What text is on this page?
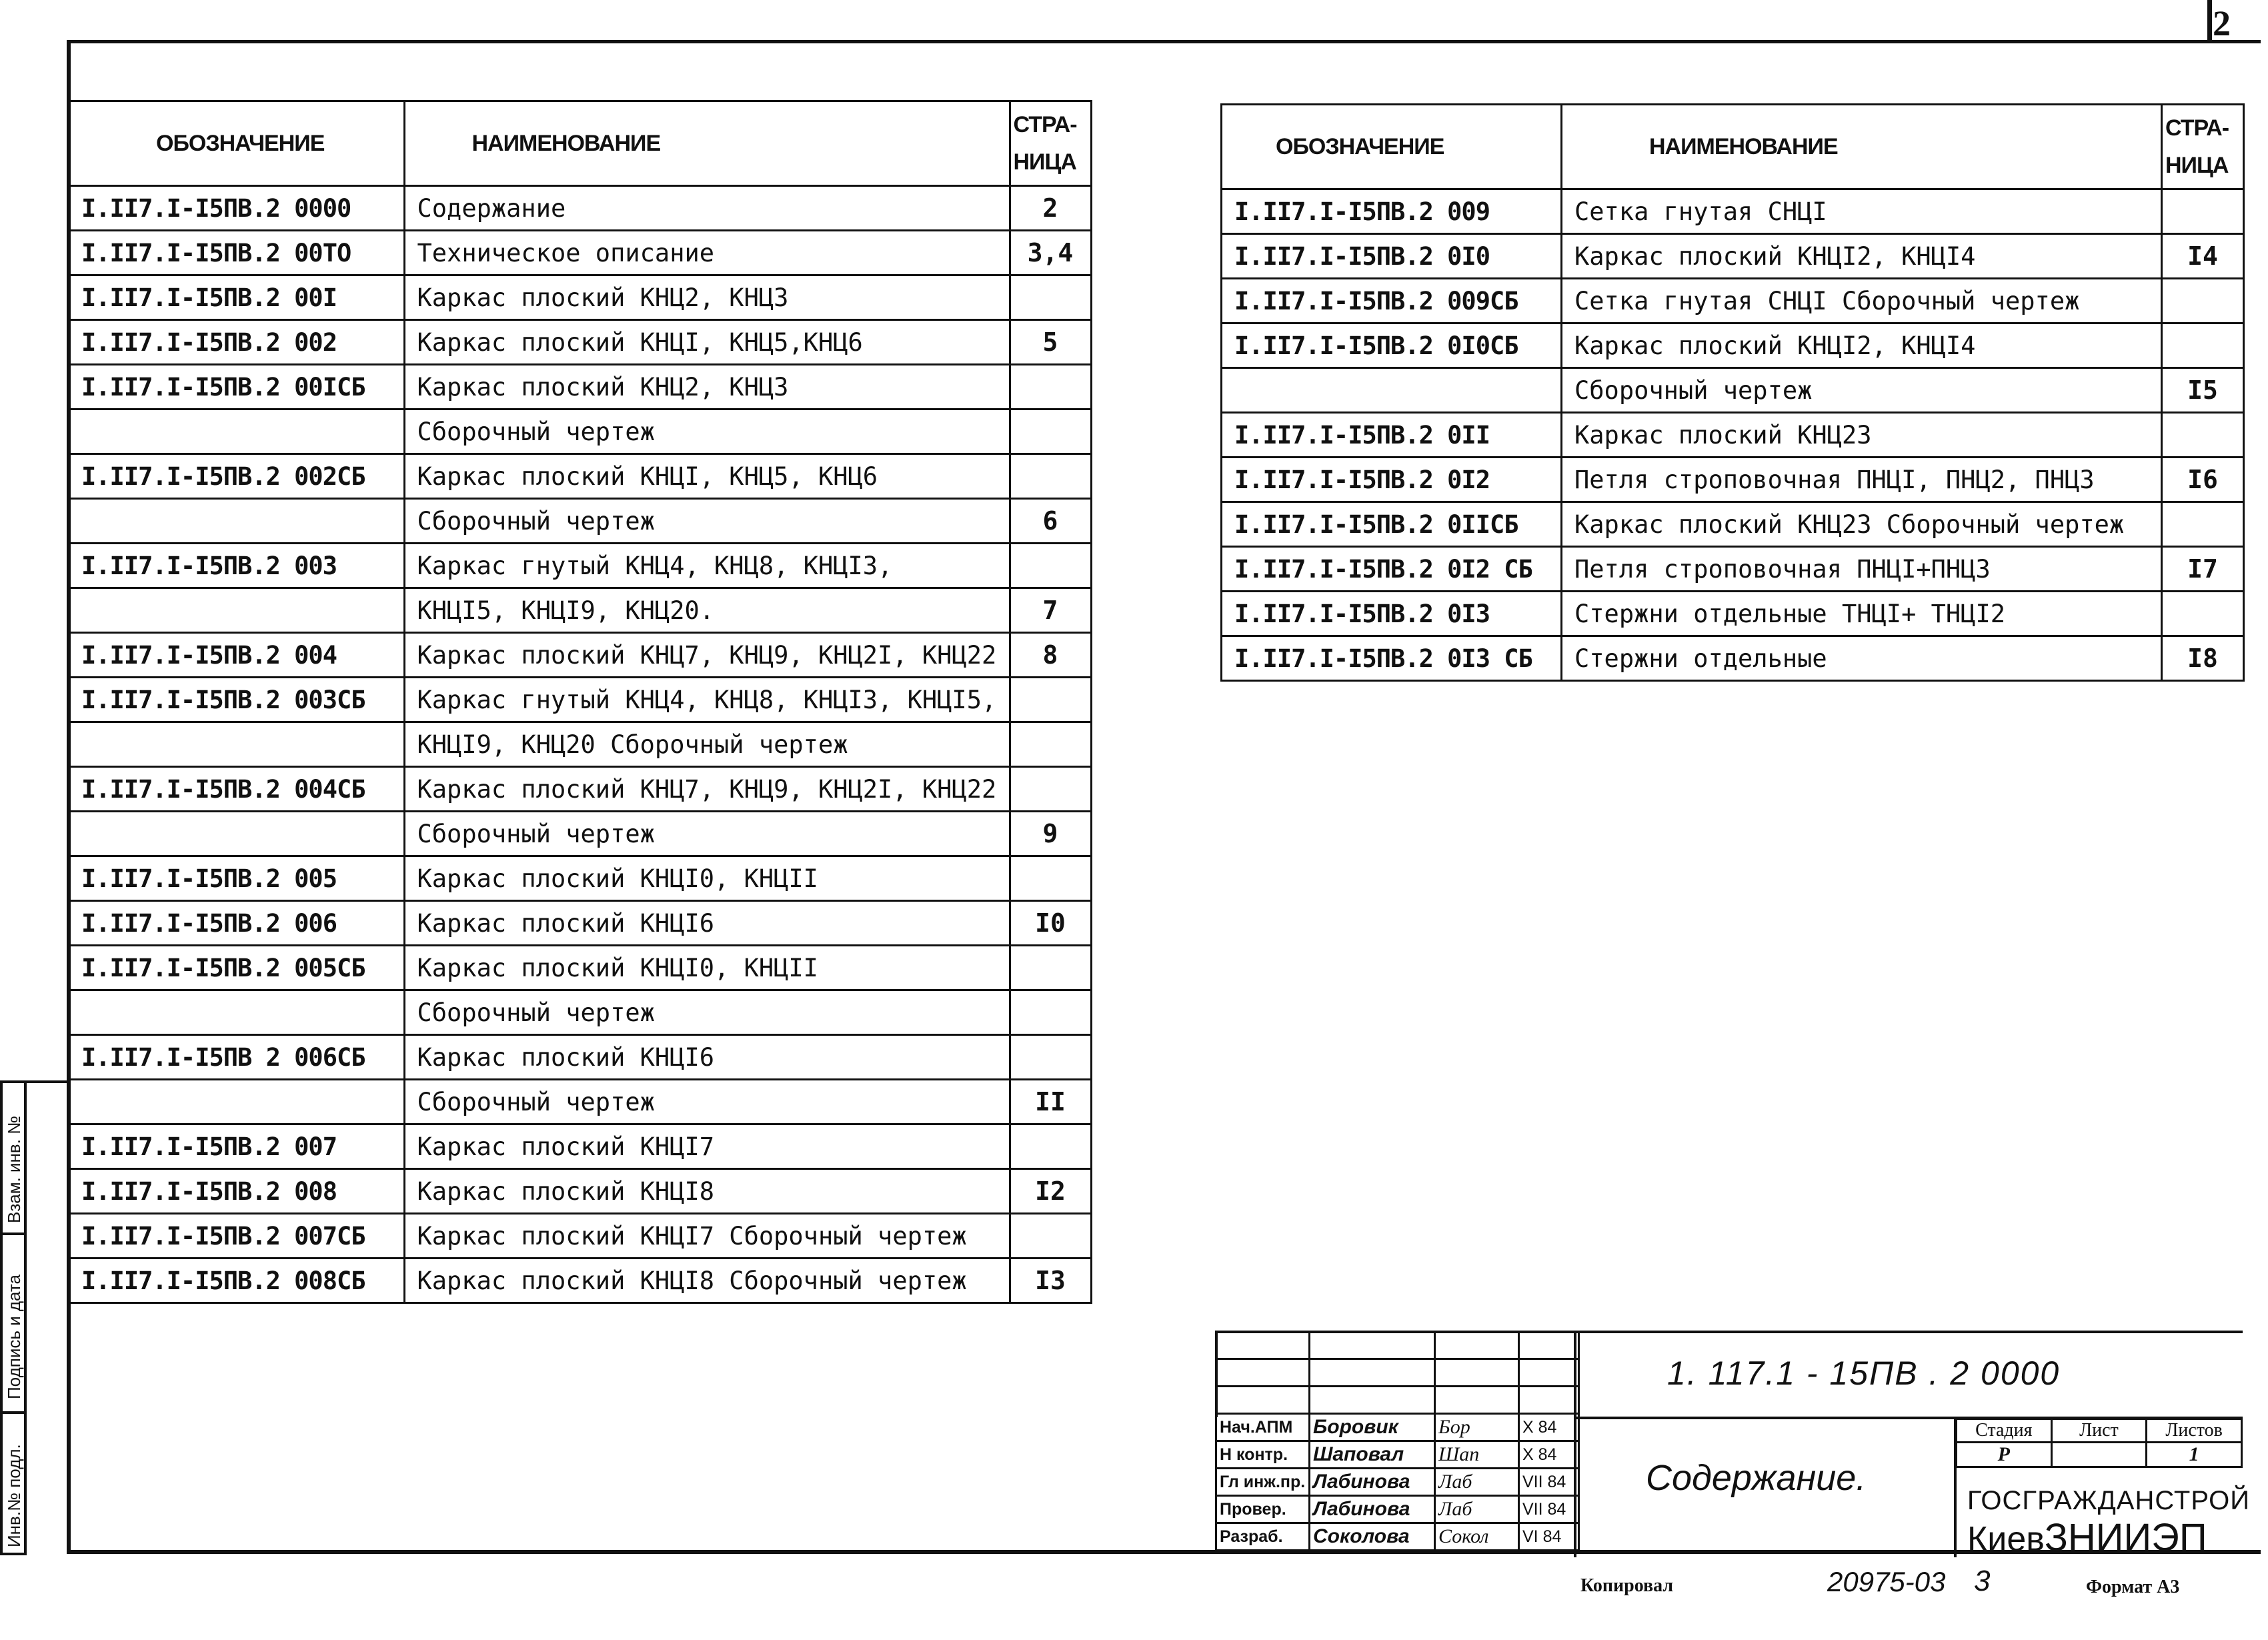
2
Взам. инв. №
Подпись и дата
Инв.№ подл.
ОБОЗНАЧЕНИЕ	НАИМЕНОВАНИЕ	СТРА-
НИЦА
I.II7.I-I5ПВ.2 0000	Содержание	2
I.II7.I-I5ПВ.2 00ТО	Техническое описание	3,4
I.II7.I-I5ПВ.2 00I	Каркас плоский КНЦ2, КНЦ3	
I.II7.I-I5ПВ.2 002	Каркас плоский КНЦI, КНЦ5,КНЦ6	5
I.II7.I-I5ПВ.2 00IСБ	Каркас плоский КНЦ2, КНЦ3	
	Сборочный чертеж	
I.II7.I-I5ПВ.2 002СБ	Каркас плоский КНЦI, КНЦ5, КНЦ6	
	Сборочный чертеж	6
I.II7.I-I5ПВ.2 003	Каркас гнутый КНЦ4, КНЦ8, КНЦI3,	
	КНЦI5, КНЦI9, КНЦ20.	7
I.II7.I-I5ПВ.2 004	Каркас плоский КНЦ7, КНЦ9, КНЦ2I, КНЦ22	8
I.II7.I-I5ПВ.2 003СБ	Каркас гнутый КНЦ4, КНЦ8, КНЦI3, КНЦI5,	
	КНЦI9, КНЦ20 Сборочный чертеж	
I.II7.I-I5ПВ.2 004СБ	Каркас плоский КНЦ7, КНЦ9, КНЦ2I, КНЦ22	
	Сборочный чертеж	9
I.II7.I-I5ПВ.2 005	Каркас плоский КНЦI0, КНЦII	
I.II7.I-I5ПВ.2 006	Каркас плоский КНЦI6	I0
I.II7.I-I5ПВ.2 005СБ	Каркас плоский КНЦI0, КНЦII	
	Сборочный чертеж	
I.II7.I-I5ПВ 2 006СБ	Каркас плоский КНЦI6	
	Сборочный чертеж	II
I.II7.I-I5ПВ.2 007	Каркас плоский КНЦI7	
I.II7.I-I5ПВ.2 008	Каркас плоский КНЦI8	I2
I.II7.I-I5ПВ.2 007СБ	Каркас плоский КНЦI7 Сборочный чертеж	
I.II7.I-I5ПВ.2 008СБ	Каркас плоский КНЦI8 Сборочный чертеж	I3
ОБОЗНАЧЕНИЕ	НАИМЕНОВАНИЕ	СТРА-
НИЦА
I.II7.I-I5ПВ.2 009	Сетка гнутая СНЦI	
I.II7.I-I5ПВ.2 0I0	Каркас плоский КНЦI2, КНЦI4	I4
I.II7.I-I5ПВ.2 009СБ	Сетка гнутая СНЦI Сборочный чертеж	
I.II7.I-I5ПВ.2 0I0СБ	Каркас плоский КНЦI2, КНЦI4	
	Сборочный чертеж	I5
I.II7.I-I5ПВ.2 0II	Каркас плоский КНЦ23	
I.II7.I-I5ПВ.2 0I2	Петля строповочная ПНЦI, ПНЦ2, ПНЦ3	I6
I.II7.I-I5ПВ.2 0IIСБ	Каркас плоский КНЦ23 Сборочный чертеж	
I.II7.I-I5ПВ.2 0I2 СБ	Петля строповочная ПНЦI+ПНЦ3	I7
I.II7.I-I5ПВ.2 0I3	Стержни отдельные ТНЦI+ ТНЦI2	
I.II7.I-I5ПВ.2 0I3 СБ	Стержни отдельные	I8

Нач.АПМ	Боровик	Бор	X 84
Н контр.	Шаповал	Шап	X 84
Гл инж.пр.	Лабинова	Лаб	VII 84
Провер.	Лабинова	Лаб	VII 84
Разраб.	Соколова	Сокол	VI 84
1. 117.1 - 15ПВ . 2 0000
Содержание.
Стадия	Лист	Листов
Р		1
ГОСГРАЖДАНСТРОЙ
КиевЗНИИЭП
Копировал	20975-03 3	Формат А3
